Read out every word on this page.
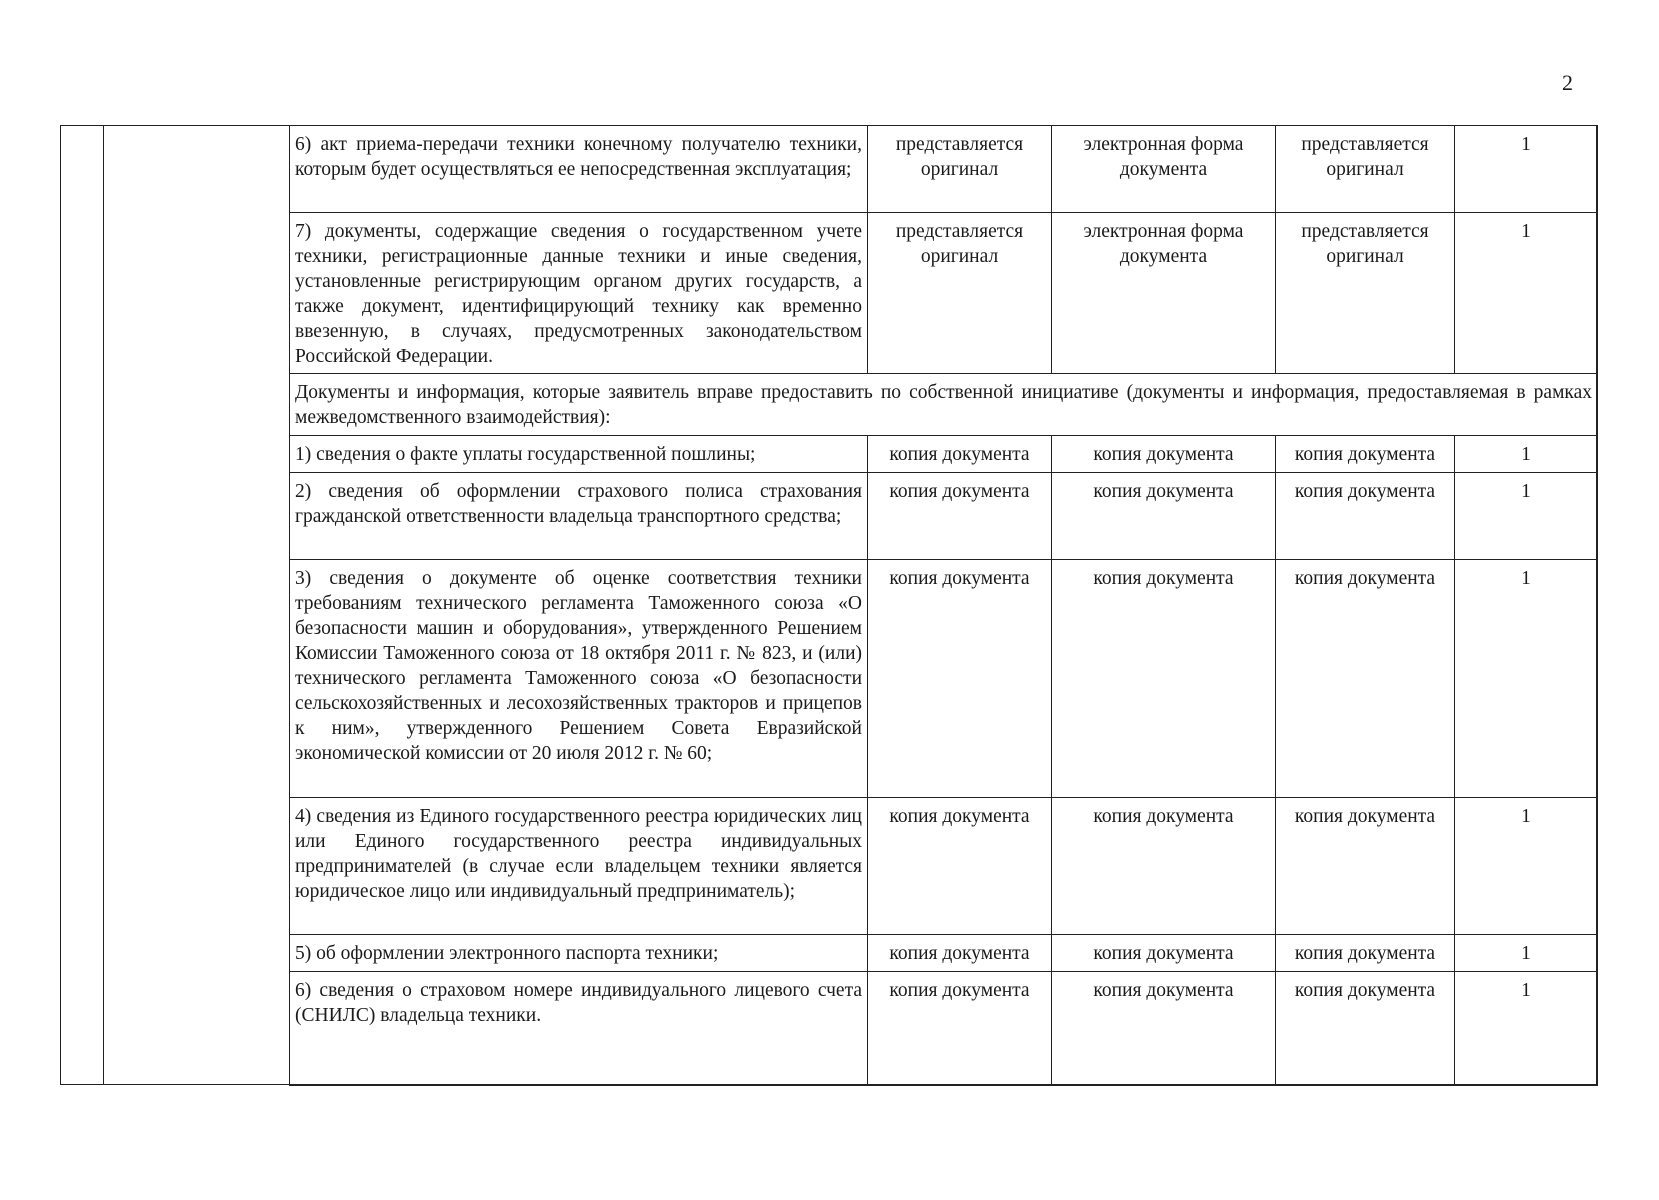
2
6) акт приема-передачи техники конечному получателю техники, которым будет осуществляться ее непосредственная эксплуатация;	представляется оригинал	электронная форма документа	представляется оригинал	1
7) документы, содержащие сведения о государственном учете техники, регистрационные данные техники и иные сведения, установленные регистрирующим органом других государств, а также документ, идентифицирующий технику как временно ввезенную, в случаях, предусмотренных законодательством Российской Федерации.	представляется оригинал	электронная форма документа	представляется оригинал	1
Документы и информация, которые заявитель вправе предоставить по собственной инициативе (документы и информация, предоставляемая в рамках межведомственного взаимодействия):				
1) сведения о факте уплаты государственной пошлины;	копия документа	копия документа	копия документа	1
2) сведения об оформлении страхового полиса страхования гражданской ответственности владельца транспортного средства;	копия документа	копия документа	копия документа	1
3) сведения о документе об оценке соответствия техники требованиям технического регламента Таможенного союза «О безопасности машин и оборудования», утвержденного Решением Комиссии Таможенного союза от 18 октября 2011 г. № 823, и (или) технического регламента Таможенного союза «О безопасности сельскохозяйственных и лесохозяйственных тракторов и прицепов к ним», утвержденного Решением Совета Евразийской экономической комиссии от 20 июля 2012 г. № 60;	копия документа	копия документа	копия документа	1
4) сведения из Единого государственного реестра юридических лиц или Единого государственного реестра индивидуальных предпринимателей (в случае если владельцем техники является юридическое лицо или индивидуальный предприниматель);	копия документа	копия документа	копия документа	1
5) об оформлении электронного паспорта техники;	копия документа	копия документа	копия документа	1
6) сведения о страховом номере индивидуального лицевого счета (СНИЛС) владельца техники.	копия документа	копия документа	копия документа	1
